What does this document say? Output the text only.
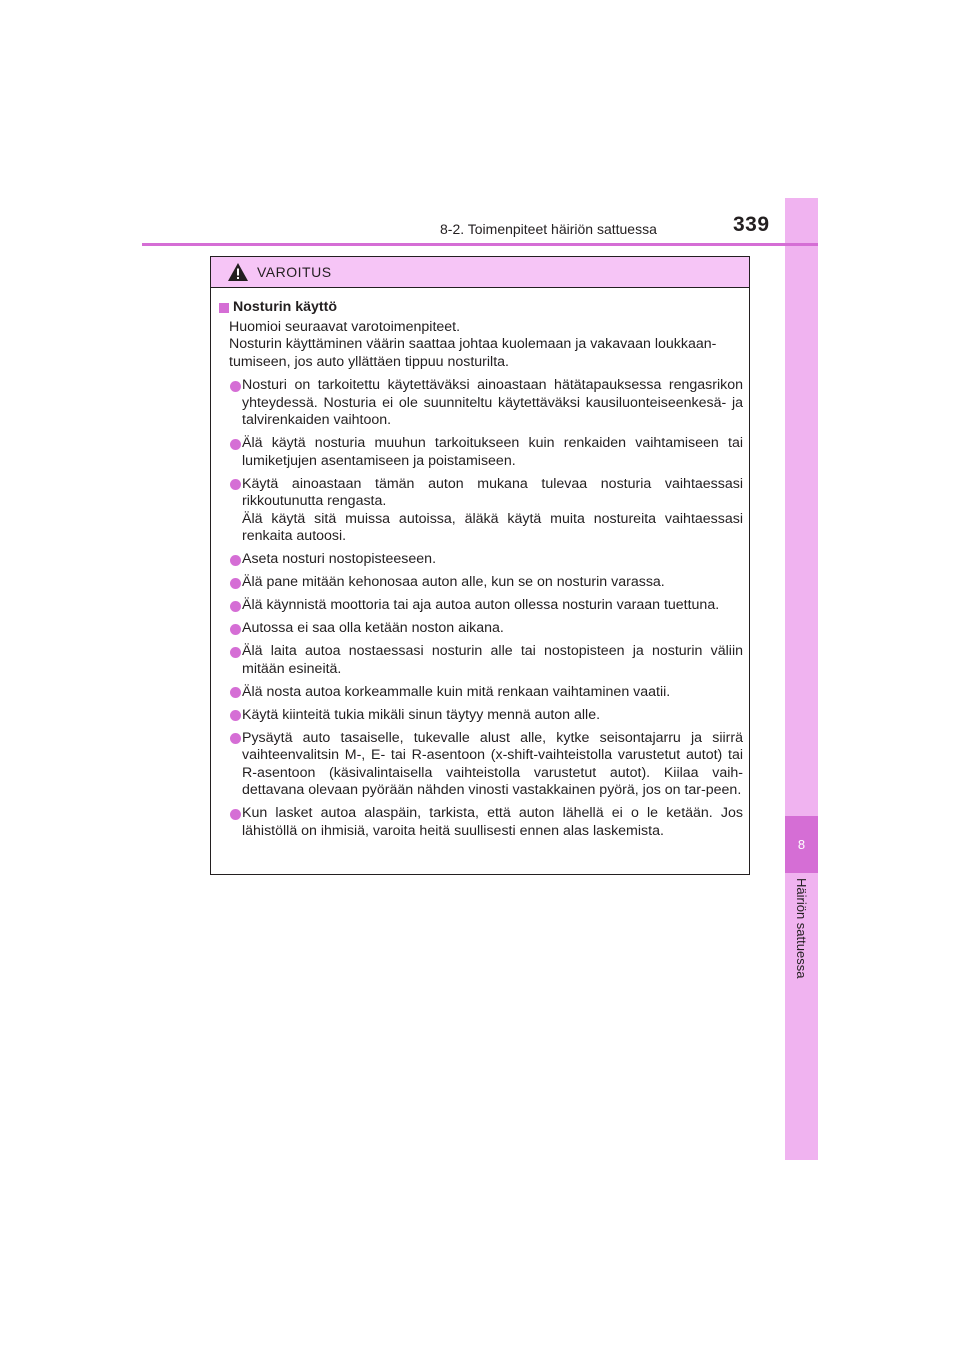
8
Häiriön sattuessa
8-2. Toimenpiteet häiriön sattuessa	339
VAROITUS
Nosturin käyttö

Huomioi seuraavat varotoimenpiteet.

Nosturin käyttäminen väärin saattaa johtaa kuolemaan ja vakavaan loukkaan-
tumiseen, jos auto yllättäen tippuu nosturilta.

Nosturi on tarkoitettu käytettäväksi ainoastaan hätätapauksessa rengasrikon yhteydessä. Nosturia ei ole suunniteltu käytettäväksi kausiluonteiseenkesä- ja talvirenkaiden vaihtoon.
Älä käytä nosturia muuhun tarkoitukseen kuin renkaiden vaihtamiseen tai lumiketjujen asentamiseen ja poistamiseen.
Käytä ainoastaan tämän auton mukana tulevaa nosturia vaihtaessasi rikkoutunutta rengasta.
Älä käytä sitä muissa autoissa, äläkä käytä muita nostureita vaihtaessasi renkaita autoosi.
Aseta nosturi nostopisteeseen.
Älä pane mitään kehonosaa auton alle, kun se on nosturin varassa.
Älä käynnistä moottoria tai aja autoa auton ollessa nosturin varaan tuettuna.
Autossa ei saa olla ketään noston aikana.
Älä laita autoa nostaessasi nosturin alle tai nostopisteen ja nosturin väliin mitään esineitä.
Älä nosta autoa korkeammalle kuin mitä renkaan vaihtaminen vaatii.
Käytä kiinteitä tukia mikäli sinun täytyy mennä auton alle.
Pysäytä auto tasaiselle, tukevalle alust alle, kytke seisontajarru ja siirrä vaihteenvalitsin M-, E- tai R-asentoon (x-shift-vaihteistolla varustetut autot) tai R-asentoon (käsivalintaisella vaihteistolla varustetut autot). Kiilaa vaih-dettavana olevaan pyörään nähden vinosti vastakkainen pyörä, jos on tar-peen.
Kun lasket autoa alaspäin, tarkista, että auton lähellä ei o le ketään. Jos lähistöllä on ihmisiä, varoita heitä suullisesti ennen alas laskemista.
